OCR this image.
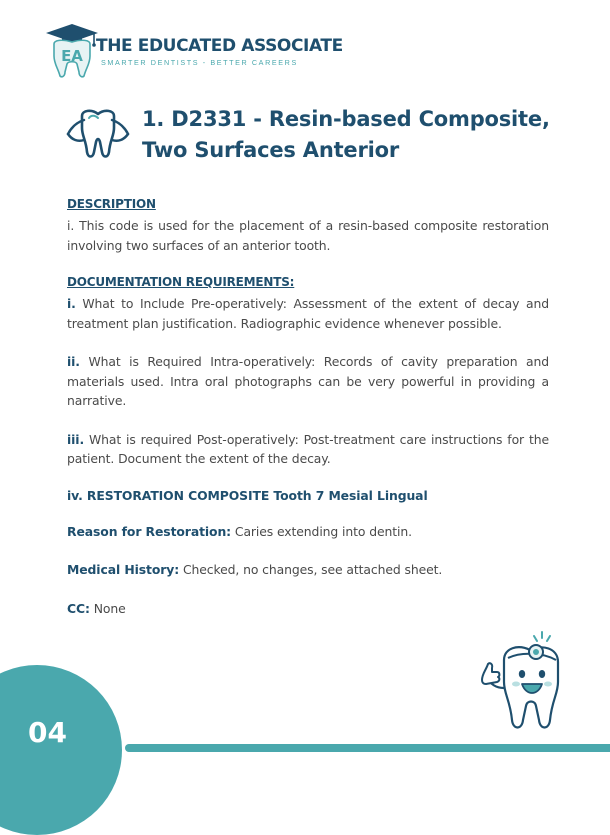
EA THE EDUCATED ASSOCIATE
SMARTER DENTISTS - BETTER CAREERS
1. D2331 - Resin-based Composite, Two Surfaces Anterior
DESCRIPTION

i. This code is used for the placement of a resin-based composite restoration involving two surfaces of an anterior tooth.

DOCUMENTATION REQUIREMENTS:

i. What to Include Pre-operatively: Assessment of the extent of decay and treatment plan justification. Radiographic evidence whenever possible.

ii. What is Required Intra-operatively: Records of cavity preparation and materials used. Intra oral photographs can be very powerful in providing a narrative.

iii. What is required Post-operatively: Post-treatment care instructions for the patient. Document the extent of the decay.

iv. RESTORATION COMPOSITE Tooth 7 Mesial Lingual

Reason for Restoration: Caries extending into dentin.

Medical History: Checked, no changes, see attached sheet.

CC: None

04
